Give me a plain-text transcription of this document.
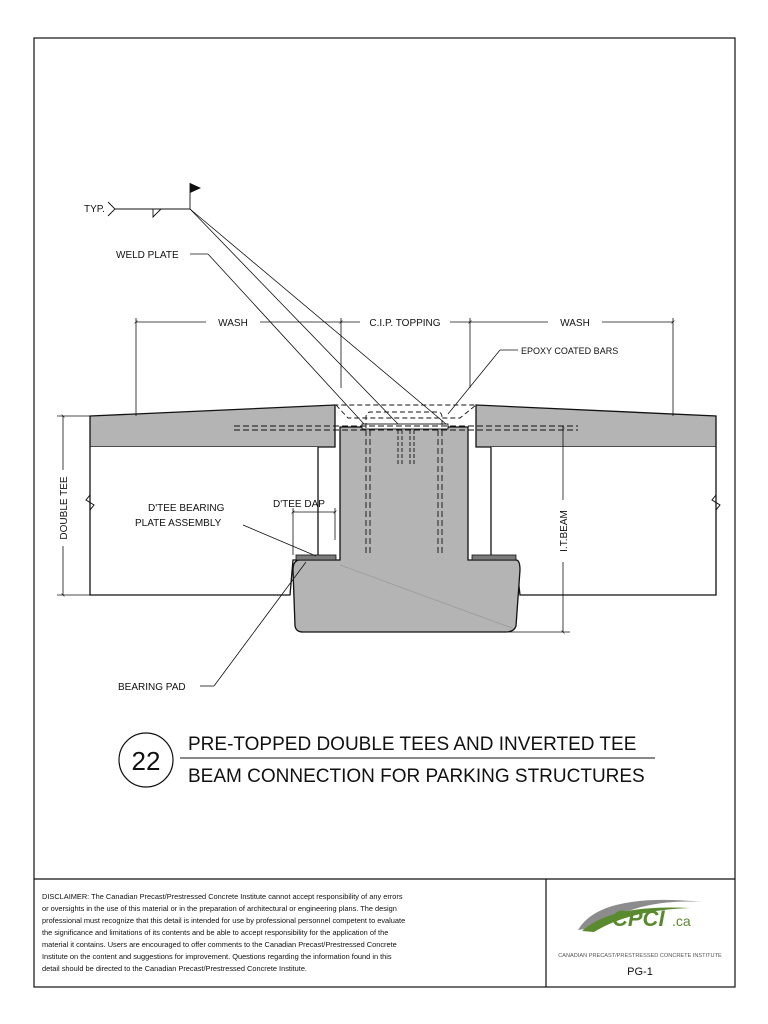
TYP.
WELD PLATE
WASH	C.I.P. TOPPING	WASH
EPOXY COATED BARS
DOUBLE TEE	I.T.BEAM
D'TEE DAP
D'TEE BEARING
PLATE ASSEMBLY
BEARING PAD
22
PRE-TOPPED DOUBLE TEES AND INVERTED TEE
BEAM CONNECTION FOR PARKING STRUCTURES
DISCLAIMER: The Canadian Precast/Prestressed Concrete Institute cannot accept responsibility of any errors
or oversights in the use of this material or in the preparation of architectural or engineering plans. The design
professional must recognize that this detail is intended for use by professional personnel competent to evaluate
the significance and limitations of its contents and be able to accept responsibility for the application of the
material it contains. Users are encouraged to offer comments to the Canadian Precast/Prestressed Concrete
Institute on the content and suggestions for improvement. Questions regarding the information found in this
detail should be directed to the Canadian Precast/Prestressed Concrete Institute.
CPCI .ca
CANADIAN PRECAST/PRESTRESSED CONCRETE INSTITUTE
PG-1
